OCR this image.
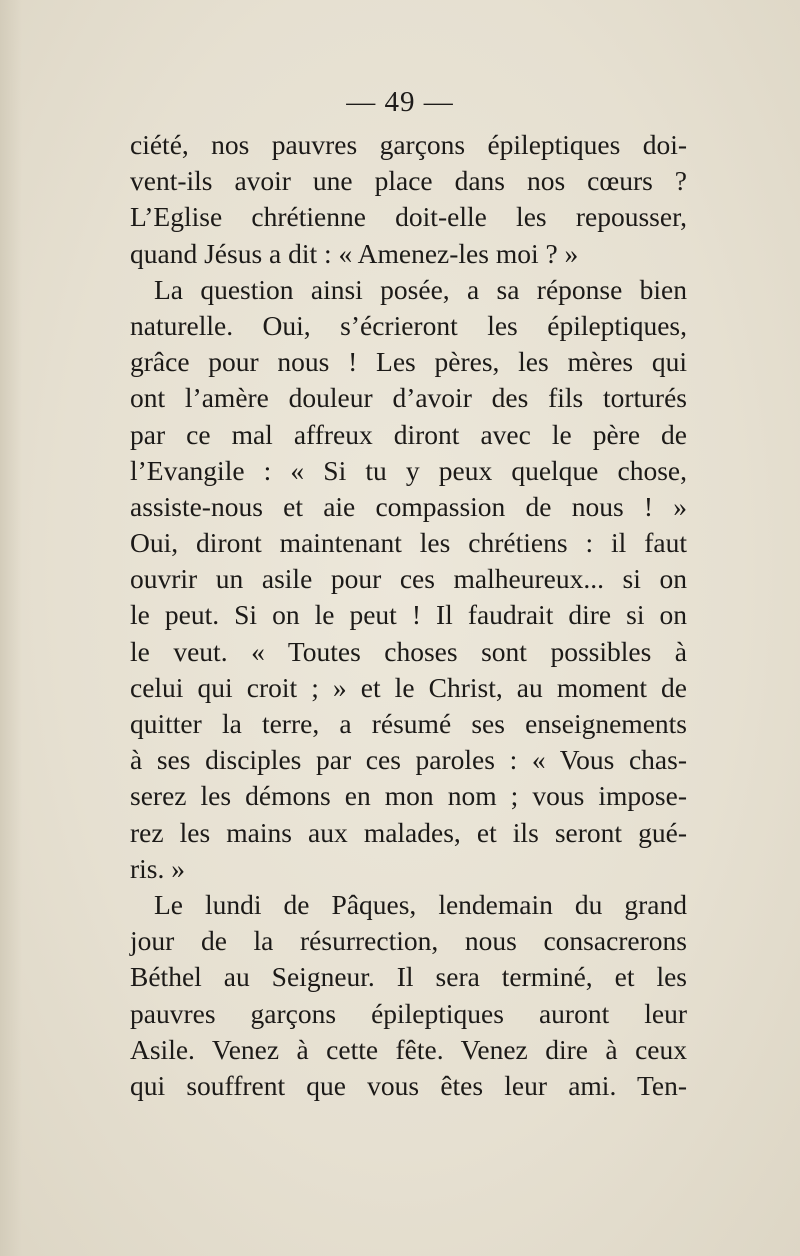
— 49 —
ciété, nos pauvres garçons épileptiques doi-
vent-ils avoir une place dans nos cœurs ?
L’Eglise chrétienne doit-elle les repousser,
quand Jésus a dit : « Amenez-les moi ? »
La question ainsi posée, a sa réponse bien
naturelle. Oui, s’écrieront les épileptiques,
grâce pour nous ! Les pères, les mères qui
ont l’amère douleur d’avoir des fils torturés
par ce mal affreux diront avec le père de
l’Evangile : « Si tu y peux quelque chose,
assiste-nous et aie compassion de nous ! »
Oui, diront maintenant les chrétiens : il faut
ouvrir un asile pour ces malheureux... si on
le peut. Si on le peut ! Il faudrait dire si on
le veut. « Toutes choses sont possibles à
celui qui croit ; » et le Christ, au moment de
quitter la terre, a résumé ses enseignements
à ses disciples par ces paroles : « Vous chas-
serez les démons en mon nom ; vous impose-
rez les mains aux malades, et ils seront gué-
ris. »
Le lundi de Pâques, lendemain du grand
jour de la résurrection, nous consacrerons
Béthel au Seigneur. Il sera terminé, et les
pauvres garçons épileptiques auront leur
Asile. Venez à cette fête. Venez dire à ceux
qui souffrent que vous êtes leur ami. Ten-
